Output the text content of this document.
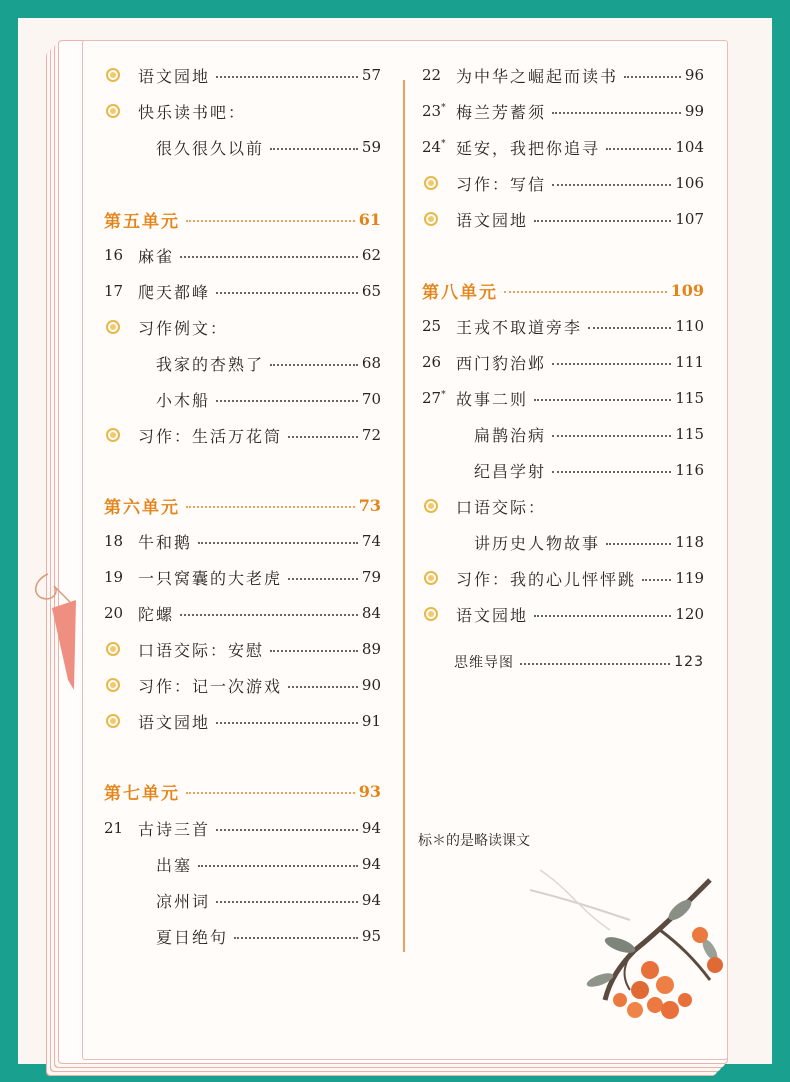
语文园地	57
快乐读书吧：
很久很久以前	59
第五单元	61
16 麻雀	62
17 爬天都峰	65
习作例文：
我家的杏熟了	68
小木船	70
习作：生活万花筒	72
第六单元	73
18 牛和鹅	74
19 一只窝囊的大老虎	79
20 陀螺	84
口语交际：安慰	89
习作：记一次游戏	90
语文园地	91
第七单元	93
21 古诗三首	94
出塞	94
凉州词	94
夏日绝句	95
22 为中华之崛起而读书	96
23* 梅兰芳蓄须	99
24* 延安，我把你追寻	104
习作：写信	106
语文园地	107
第八单元	109
25 王戎不取道旁李	110
26 西门豹治邺	111
27* 故事二则	115
扁鹊治病	115
纪昌学射	116
口语交际：
讲历史人物故事	118
习作：我的心儿怦怦跳	119
语文园地	120
思维导图	123
标＊的是略读课文
